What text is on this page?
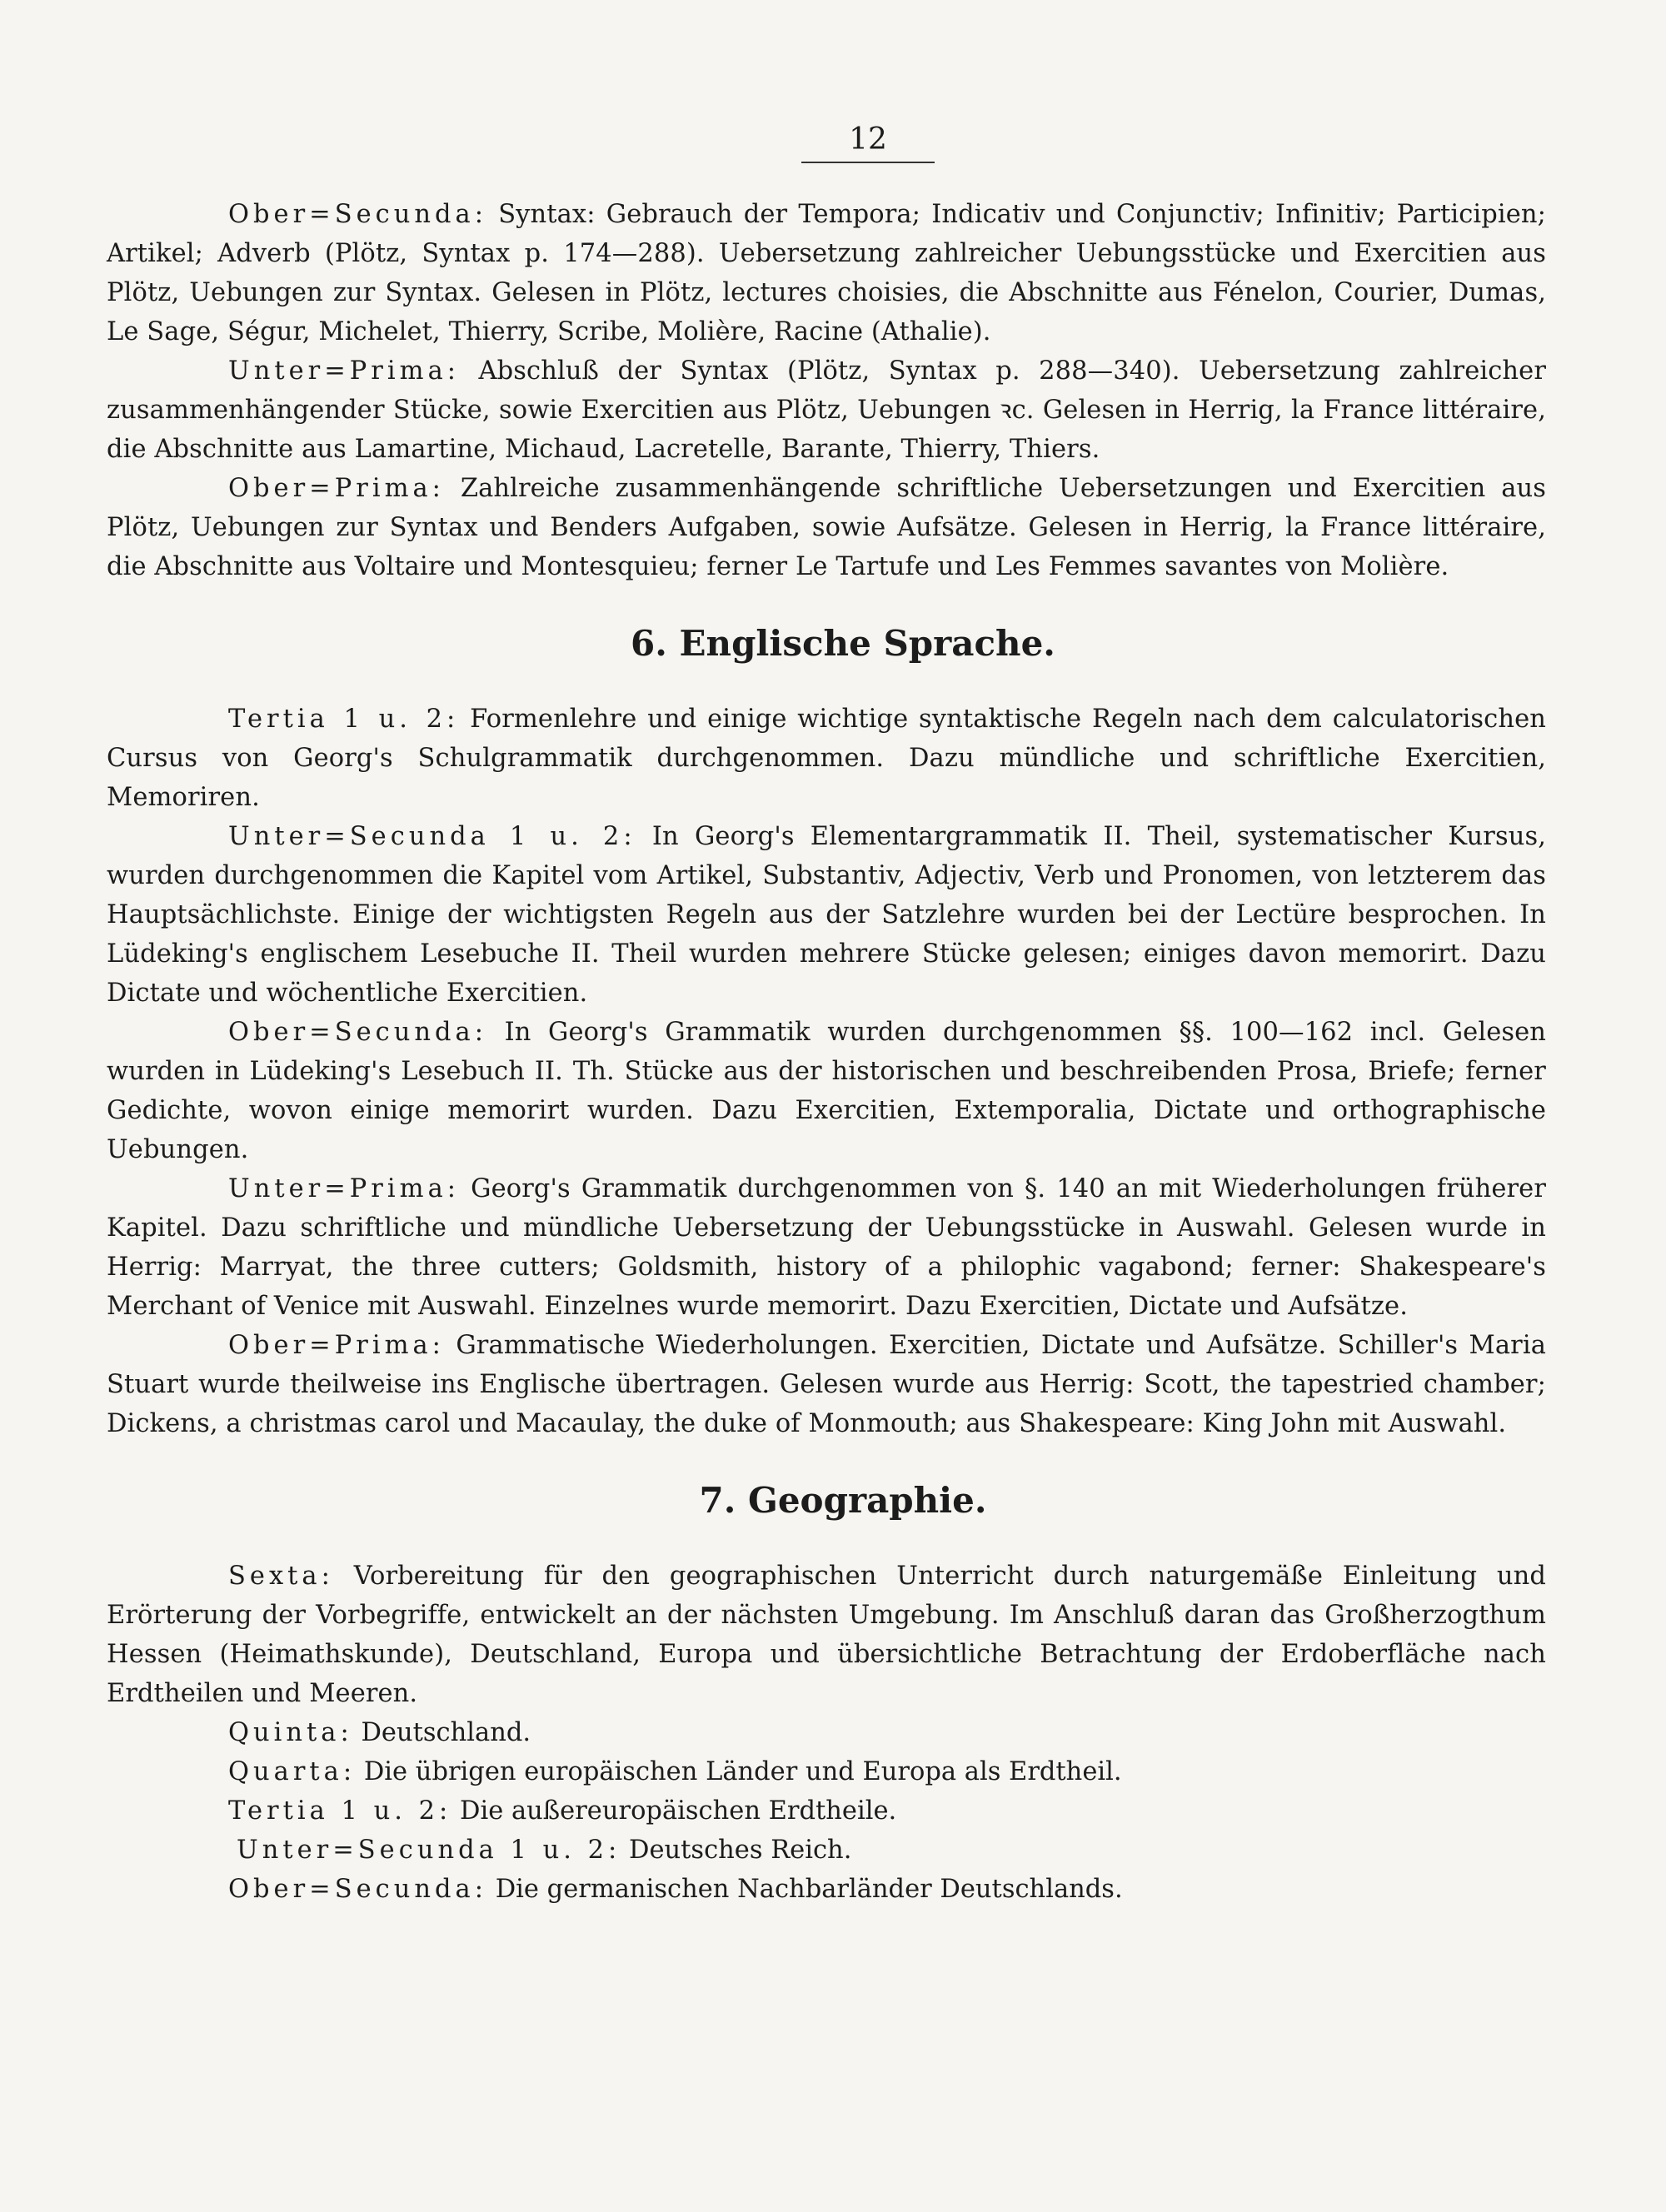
12

Ober=Secunda: Syntax: Gebrauch der Tempora; Indicativ und Conjunctiv; Infinitiv; Participien; Artikel; Adverb (Plötz, Syntax p. 174—288). Uebersetzung zahlreicher Uebungsstücke und Exercitien aus Plötz, Uebungen zur Syntax. Gelesen in Plötz, lectures choisies, die Abschnitte aus Fénelon, Courier, Dumas, Le Sage, Ségur, Michelet, Thierry, Scribe, Molière, Racine (Athalie).

Unter=Prima: Abschluß der Syntax (Plötz, Syntax p. 288—340). Uebersetzung zahlreicher zusammenhängender Stücke, sowie Exercitien aus Plötz, Uebungen ꝛc. Gelesen in Herrig, la France littéraire, die Abschnitte aus Lamartine, Michaud, Lacretelle, Barante, Thierry, Thiers.

Ober=Prima: Zahlreiche zusammenhängende schriftliche Uebersetzungen und Exercitien aus Plötz, Uebungen zur Syntax und Benders Aufgaben, sowie Aufsätze. Gelesen in Herrig, la France littéraire, die Abschnitte aus Voltaire und Montesquieu; ferner Le Tartufe und Les Femmes savantes von Molière.

6. Englische Sprache.

Tertia 1 u. 2: Formenlehre und einige wichtige syntaktische Regeln nach dem calculatorischen Cursus von Georg's Schulgrammatik durchgenommen. Dazu mündliche und schriftliche Exercitien, Memoriren.

Unter=Secunda 1 u. 2: In Georg's Elementargrammatik II. Theil, systematischer Kursus, wurden durchgenommen die Kapitel vom Artikel, Substantiv, Adjectiv, Verb und Pronomen, von letzterem das Hauptsächlichste. Einige der wichtigsten Regeln aus der Satzlehre wurden bei der Lectüre besprochen. In Lüdeking's englischem Lesebuche II. Theil wurden mehrere Stücke gelesen; einiges davon memorirt. Dazu Dictate und wöchentliche Exercitien.

Ober=Secunda: In Georg's Grammatik wurden durchgenommen §§. 100—162 incl. Gelesen wurden in Lüdeking's Lesebuch II. Th. Stücke aus der historischen und beschreibenden Prosa, Briefe; ferner Gedichte, wovon einige memorirt wurden. Dazu Exercitien, Extemporalia, Dictate und orthographische Uebungen.

Unter=Prima: Georg's Grammatik durchgenommen von §. 140 an mit Wiederholungen früherer Kapitel. Dazu schriftliche und mündliche Uebersetzung der Uebungsstücke in Auswahl. Gelesen wurde in Herrig: Marryat, the three cutters; Goldsmith, history of a philophic vagabond; ferner: Shakespeare's Merchant of Venice mit Auswahl. Einzelnes wurde memorirt. Dazu Exercitien, Dictate und Aufsätze.

Ober=Prima: Grammatische Wiederholungen. Exercitien, Dictate und Aufsätze. Schiller's Maria Stuart wurde theilweise ins Englische übertragen. Gelesen wurde aus Herrig: Scott, the tapestried chamber; Dickens, a christmas carol und Macaulay, the duke of Monmouth; aus Shakespeare: King John mit Auswahl.

7. Geographie.

Sexta: Vorbereitung für den geographischen Unterricht durch naturgemäße Einleitung und Erörterung der Vorbegriffe, entwickelt an der nächsten Umgebung. Im Anschluß daran das Großherzogthum Hessen (Heimathskunde), Deutschland, Europa und übersichtliche Betrachtung der Erdoberfläche nach Erdtheilen und Meeren.

Quinta: Deutschland.

Quarta: Die übrigen europäischen Länder und Europa als Erdtheil.

Tertia 1 u. 2: Die außereuropäischen Erdtheile.

Unter=Secunda 1 u. 2: Deutsches Reich.

Ober=Secunda: Die germanischen Nachbarländer Deutschlands.
